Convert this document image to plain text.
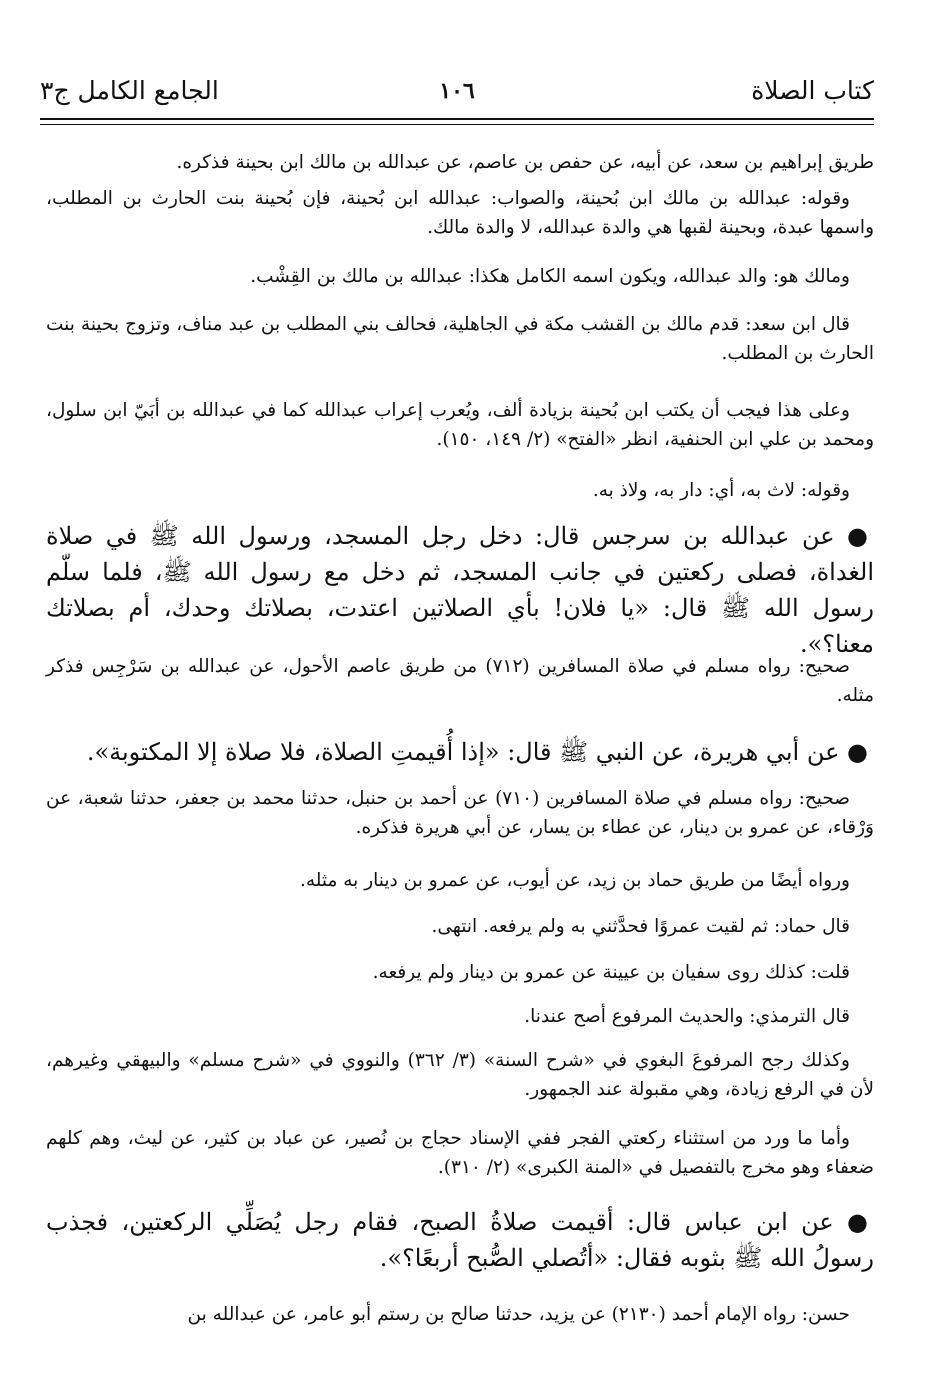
كتاب الصلاة
١٠٦
الجامع الكامل ج٣
طريق إبراهيم بن سعد، عن أبيه، عن حفص بن عاصم، عن عبدالله بن مالك ابن بحينة فذكره.
وقوله: عبدالله بن مالك ابن بُحينة، والصواب: عبدالله ابن بُحينة، فإن بُحينة بنت الحارث بن المطلب، واسمها عبدة، وبحينة لقبها هي والدة عبدالله، لا والدة مالك.
ومالك هو: والد عبدالله، ويكون اسمه الكامل هكذا: عبدالله بن مالك بن القِشْب.
قال ابن سعد: قدم مالك بن القشب مكة في الجاهلية، فحالف بني المطلب بن عبد مناف، وتزوج بحينة بنت الحارث بن المطلب.
وعلى هذا فيجب أن يكتب ابن بُحينة بزيادة ألف، ويُعرب إعراب عبدالله كما في عبدالله بن أبَيّ ابن سلول، ومحمد بن علي ابن الحنفية، انظر «الفتح» (٢/ ١٤٩، ١٥٠).
وقوله: لاث به، أي: دار به، ولاذ به.
● عن عبدالله بن سرجس قال: دخل رجل المسجد، ورسول الله ﷺ في صلاة الغداة، فصلى ركعتين في جانب المسجد، ثم دخل مع رسول الله ﷺ، فلما سلّم رسول الله ﷺ قال: «يا فلان! بأي الصلاتين اعتدت، بصلاتك وحدك، أم بصلاتك معنا؟».
صحيح: رواه مسلم في صلاة المسافرين (٧١٢) من طريق عاصم الأحول، عن عبدالله بن سَرْجِس فذكر مثله.
● عن أبي هريرة، عن النبي ﷺ قال: «إذا أُقيمتِ الصلاة، فلا صلاة إلا المكتوبة».
صحيح: رواه مسلم في صلاة المسافرين (٧١٠) عن أحمد بن حنبل، حدثنا محمد بن جعفر، حدثنا شعبة، عن وَرْقاء، عن عمرو بن دينار، عن عطاء بن يسار، عن أبي هريرة فذكره.
ورواه أيضًا من طريق حماد بن زيد، عن أيوب، عن عمرو بن دينار به مثله.
قال حماد: ثم لقيت عمروًا فحدَّثني به ولم يرفعه. انتهى.
قلت: كذلك روى سفيان بن عيينة عن عمرو بن دينار ولم يرفعه.
قال الترمذي: والحديث المرفوع أصح عندنا.
وكذلك رجح المرفوعَ البغوي في «شرح السنة» (٣/ ٣٦٢) والنووي في «شرح مسلم» والبيهقي وغيرهم، لأن في الرفع زيادة، وهي مقبولة عند الجمهور.
وأما ما ورد من استثناء ركعتي الفجر ففي الإسناد حجاج بن نُصير، عن عباد بن كثير، عن ليث، وهم كلهم ضعفاء وهو مخرج بالتفصيل في «المنة الكبرى» (٢/ ٣١٠).
● عن ابن عباس قال: أقيمت صلاةُ الصبح، فقام رجل يُصَلِّي الركعتين، فجذب رسولُ الله ﷺ بثوبه فقال: «أتُصلي الصُّبح أربعًا؟».
حسن: رواه الإمام أحمد (٢١٣٠) عن يزيد، حدثنا صالح بن رستم أبو عامر، عن عبدالله بن
